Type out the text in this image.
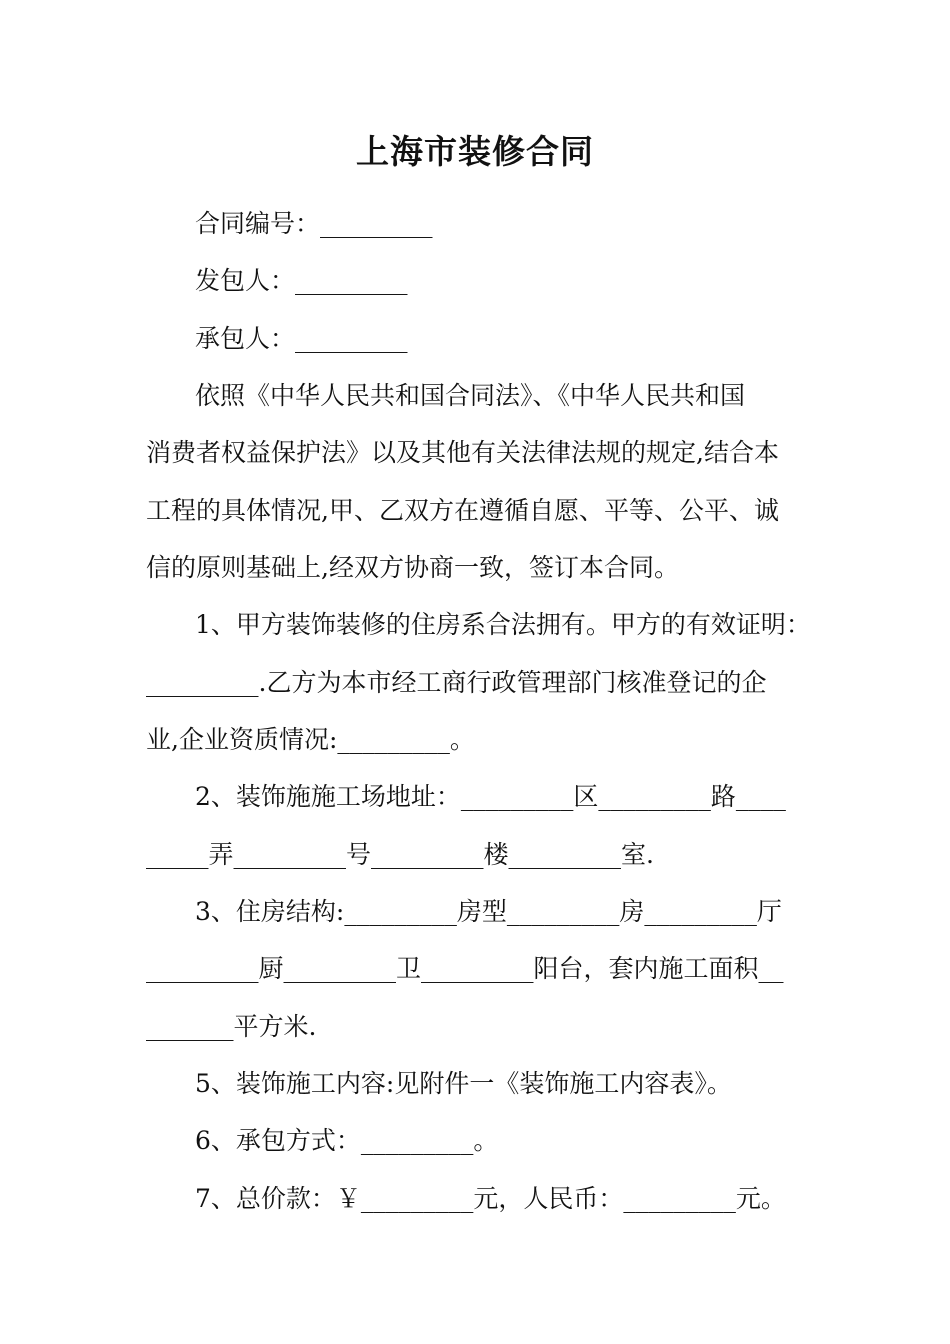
上海市装修合同
合同编号：_________
发包人：_________
承包人：_________
依照《中华人民共和国合同法》、《中华人民共和国
消费者权益保护法》以及其他有关法律法规的规定,结合本
工程的具体情况,甲、乙双方在遵循自愿、平等、公平、诚
信的原则基础上,经双方协商一致，签订本合同。
1、甲方装饰装修的住房系合法拥有。甲方的有效证明：
_________.乙方为本市经工商行政管理部门核准登记的企
业,企业资质情况:_________。
2、装饰施施工场地址：_________区_________路____
_____弄_________号_________楼_________室.
3、住房结构:_________房型_________房_________厅
_________厨_________卫_________阳台，套内施工面积__
_______平方米.
5、装饰施工内容:见附件一《装饰施工内容表》。
6、承包方式：_________。
7、总价款：￥_________元，人民币：_________元。
